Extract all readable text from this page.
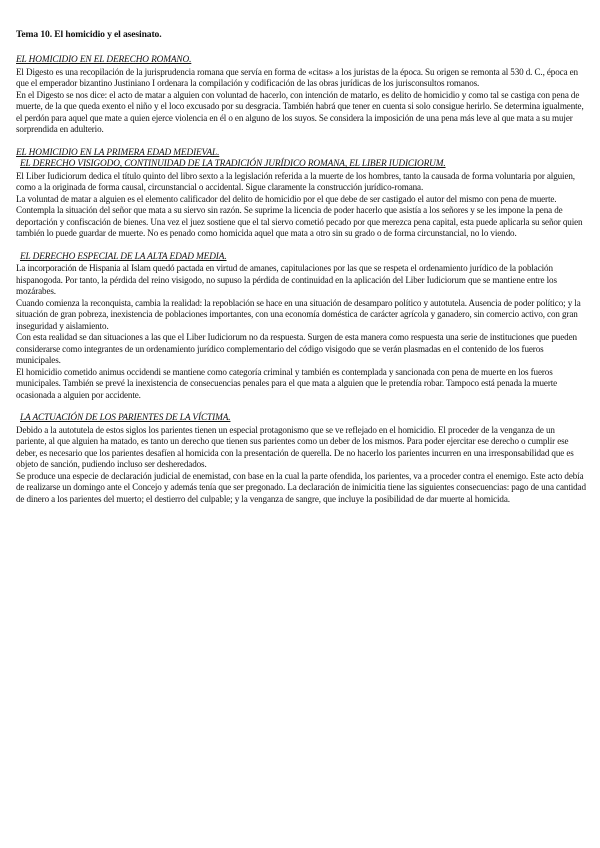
Tema 10. El homicidio y el asesinato.
EL HOMICIDIO EN EL DERECHO ROMANO.

El Digesto es una recopilación de la jurisprudencia romana que servía en forma de «citas» a los juristas de la época. Su origen se remonta al 530 d. C., época en que el emperador bizantino Justiniano I ordenara la compilación y codificación de las obras jurídicas de los jurisconsultos romanos.

En el Digesto se nos dice: el acto de matar a alguien con voluntad de hacerlo, con intención de matarlo, es delito de homicidio y como tal se castiga con pena de muerte, de la que queda exento el niño y el loco excusado por su desgracia. También habrá que tener en cuenta si solo consigue herirlo. Se determina igualmente, el perdón para aquel que mate a quien ejerce violencia en él o en alguno de los suyos. Se considera la imposición de una pena más leve al que mata a su mujer sorprendida en adulterio.

EL HOMICIDIO EN LA PRIMERA EDAD MEDIEVAL.
EL DERECHO VISIGODO, CONTINUIDAD DE LA TRADICIÓN JURÍDICO ROMANA, EL LIBER IUDICIORUM.

El Liber Iudiciorum dedica el título quinto del libro sexto a la legislación referida a la muerte de los hombres, tanto la causada de forma voluntaria por alguien, como a la originada de forma causal, circunstancial o accidental. Sigue claramente la construcción jurídico-romana.

La voluntad de matar a alguien es el elemento calificador del delito de homicidio por el que debe de ser castigado el autor del mismo con pena de muerte. Contempla la situación del señor que mata a su siervo sin razón. Se suprime la licencia de poder hacerlo que asistía a los señores y se les impone la pena de deportación y confiscación de bienes. Una vez el juez sostiene que el tal siervo cometió pecado por que merezca pena capital, esta puede aplicarla su señor quien también lo puede guardar de muerte. No es penado como homicida aquel que mata a otro sin su grado o de forma circunstancial, no lo viendo.

EL DERECHO ESPECIAL DE LA ALTA EDAD MEDIA.

La incorporación de Hispania al Islam quedó pactada en virtud de amanes, capitulaciones por las que se respeta el ordenamiento jurídico de la población hispanogoda. Por tanto, la pérdida del reino visigodo, no supuso la pérdida de continuidad en la aplicación del Liber Iudiciorum que se mantiene entre los mozárabes.

Cuando comienza la reconquista, cambia la realidad: la repoblación se hace en una situación de desamparo político y autotutela. Ausencia de poder político; y la situación de gran pobreza, inexistencia de poblaciones importantes, con una economía doméstica de carácter agrícola y ganadero, sin comercio activo, con gran inseguridad y aislamiento.

Con esta realidad se dan situaciones a las que el Liber Iudiciorum no da respuesta. Surgen de esta manera como respuesta una serie de instituciones que pueden considerarse como integrantes de un ordenamiento jurídico complementario del código visigodo que se verán plasmadas en el contenido de los fueros municipales.

El homicidio cometido animus occidendi se mantiene como categoría criminal y también es contemplada y sancionada con pena de muerte en los fueros municipales. También se prevé la inexistencia de consecuencias penales para el que mata a alguien que le pretendía robar. Tampoco está penada la muerte ocasionada a alguien por accidente.

LA ACTUACIÓN DE LOS PARIENTES DE LA VÍCTIMA.

Debido a la autotutela de estos siglos los parientes tienen un especial protagonismo que se ve reflejado en el homicidio. El proceder de la venganza de un pariente, al que alguien ha matado, es tanto un derecho que tienen sus parientes como un deber de los mismos. Para poder ejercitar ese derecho o cumplir ese deber, es necesario que los parientes desafíen al homicida con la presentación de querella. De no hacerlo los parientes incurren en una irresponsabilidad que es objeto de sanción, pudiendo incluso ser desheredados.

Se produce una especie de declaración judicial de enemistad, con base en la cual la parte ofendida, los parientes, va a proceder contra el enemigo. Este acto debía de realizarse un domingo ante el Concejo y además tenía que ser pregonado. La declaración de inimicitia tiene las siguientes consecuencias: pago de una cantidad de dinero a los parientes del muerto; el destierro del culpable; y la venganza de sangre, que incluye la posibilidad de dar muerte al homicida.
